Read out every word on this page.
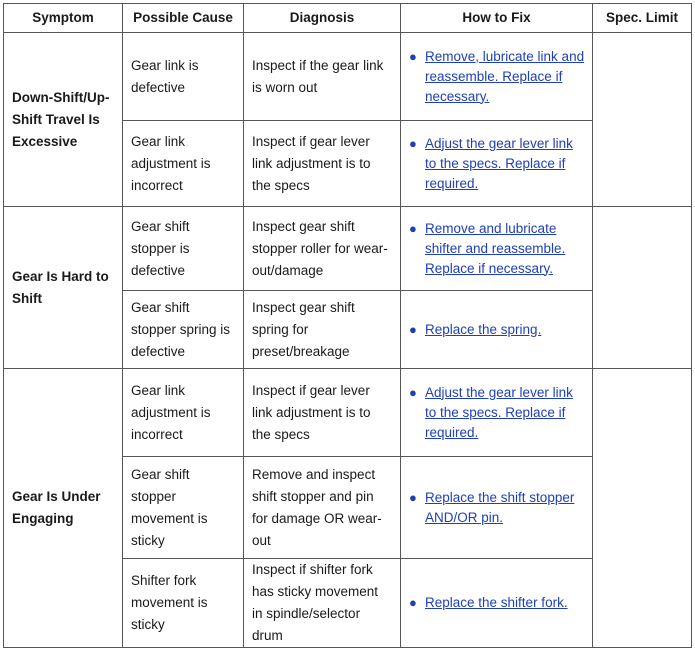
Symptom	Possible Cause	Diagnosis	How to Fix	Spec. Limit
Down-Shift/Up-Shift Travel Is Excessive	Gear link is defective	Inspect if the gear link is worn out	● Remove, lubricate link and reassemble. Replace if necessary.	

	Gear link adjustment is incorrect	Inspect if gear lever link adjustment is to the specs	● Adjust the gear lever link to the specs. Replace if required.	

Gear Is Hard to Shift	Gear shift stopper is defective	Inspect gear shift stopper roller for wear-out/damage	● Remove and lubricate shifter and reassemble. Replace if necessary.	

	Gear shift stopper spring is defective	Inspect gear shift spring for preset/breakage	● Replace the spring.	

Gear Is Under Engaging	Gear link adjustment is incorrect	Inspect if gear lever link adjustment is to the specs	● Adjust the gear lever link to the specs. Replace if required.	

	Gear shift stopper movement is sticky	Remove and inspect shift stopper and pin for damage OR wear-out	● Replace the shift stopper AND/OR pin.	

	Shifter fork movement is sticky	Inspect if shifter fork has sticky movement in spindle/selector drum	● Replace the shifter fork.	
